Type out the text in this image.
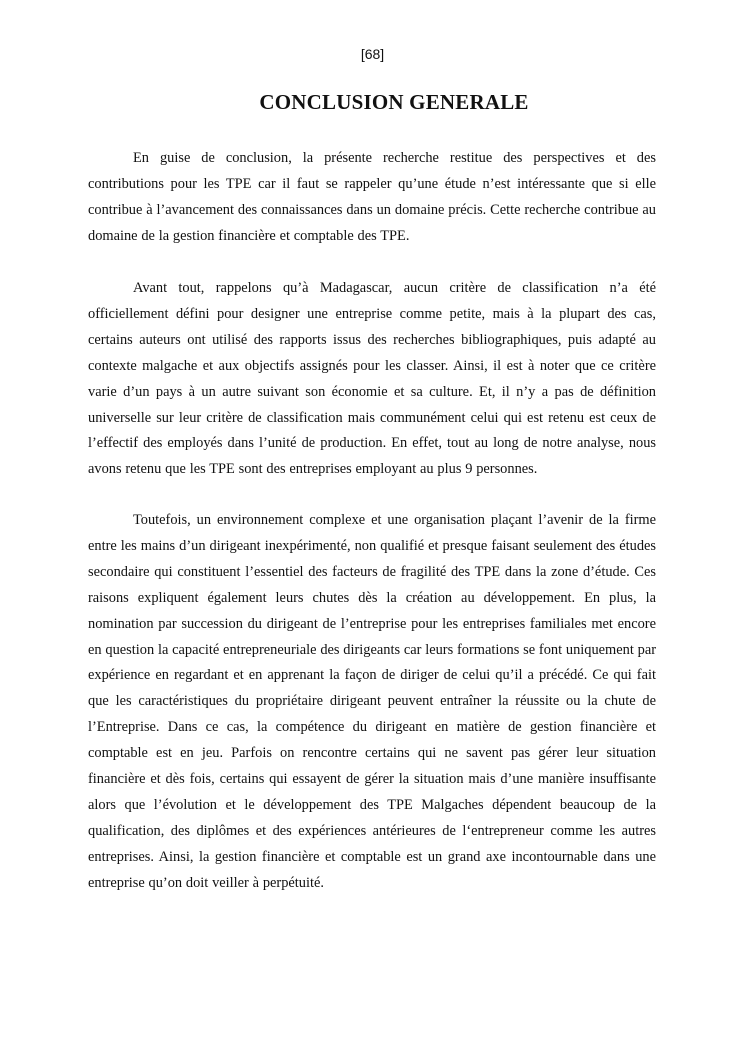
[68]
CONCLUSION GENERALE

En guise de conclusion, la présente recherche restitue des perspectives et des contributions pour les TPE car il faut se rappeler qu’une étude n’est intéressante que si elle contribue à l’avancement des connaissances dans un domaine précis. Cette recherche contribue au domaine de la gestion financière et comptable des TPE.

Avant tout, rappelons qu’à Madagascar, aucun critère de classification n’a été officiellement défini pour designer une entreprise comme petite, mais à la plupart des cas, certains auteurs ont utilisé des rapports issus des recherches bibliographiques, puis adapté au contexte malgache et aux objectifs assignés pour les classer. Ainsi, il est à noter que ce critère varie d’un pays à un autre suivant son économie et sa culture. Et, il n’y a pas de définition universelle sur leur critère de classification mais communément celui qui est retenu est ceux de l’effectif des employés dans l’unité de production. En effet, tout au long de notre analyse, nous avons retenu que les TPE sont des entreprises employant au plus 9 personnes.

Toutefois, un environnement complexe et une organisation plaçant l’avenir de la firme entre les mains d’un dirigeant inexpérimenté, non qualifié et presque faisant seulement des études secondaire qui constituent l’essentiel des facteurs de fragilité des TPE dans la zone d’étude. Ces raisons expliquent également leurs chutes dès la création au développement. En plus, la nomination par succession du dirigeant de l’entreprise pour les entreprises familiales met encore en question la capacité entrepreneuriale des dirigeants car leurs formations se font uniquement par expérience en regardant et en apprenant la façon de diriger de celui qu’il a précédé. Ce qui fait que les caractéristiques du propriétaire dirigeant peuvent entraîner la réussite ou la chute de l’Entreprise. Dans ce cas, la compétence du dirigeant en matière de gestion financière et comptable est en jeu. Parfois on rencontre certains qui ne savent pas gérer leur situation financière et dès fois, certains qui essayent de gérer la situation mais d’une manière insuffisante alors que l’évolution et le développement des TPE Malgaches dépendent beaucoup de la qualification, des diplômes et des expériences antérieures de l‘entrepreneur comme les autres entreprises. Ainsi, la gestion financière et comptable est un grand axe incontournable dans une entreprise qu’on doit veiller à perpétuité.
